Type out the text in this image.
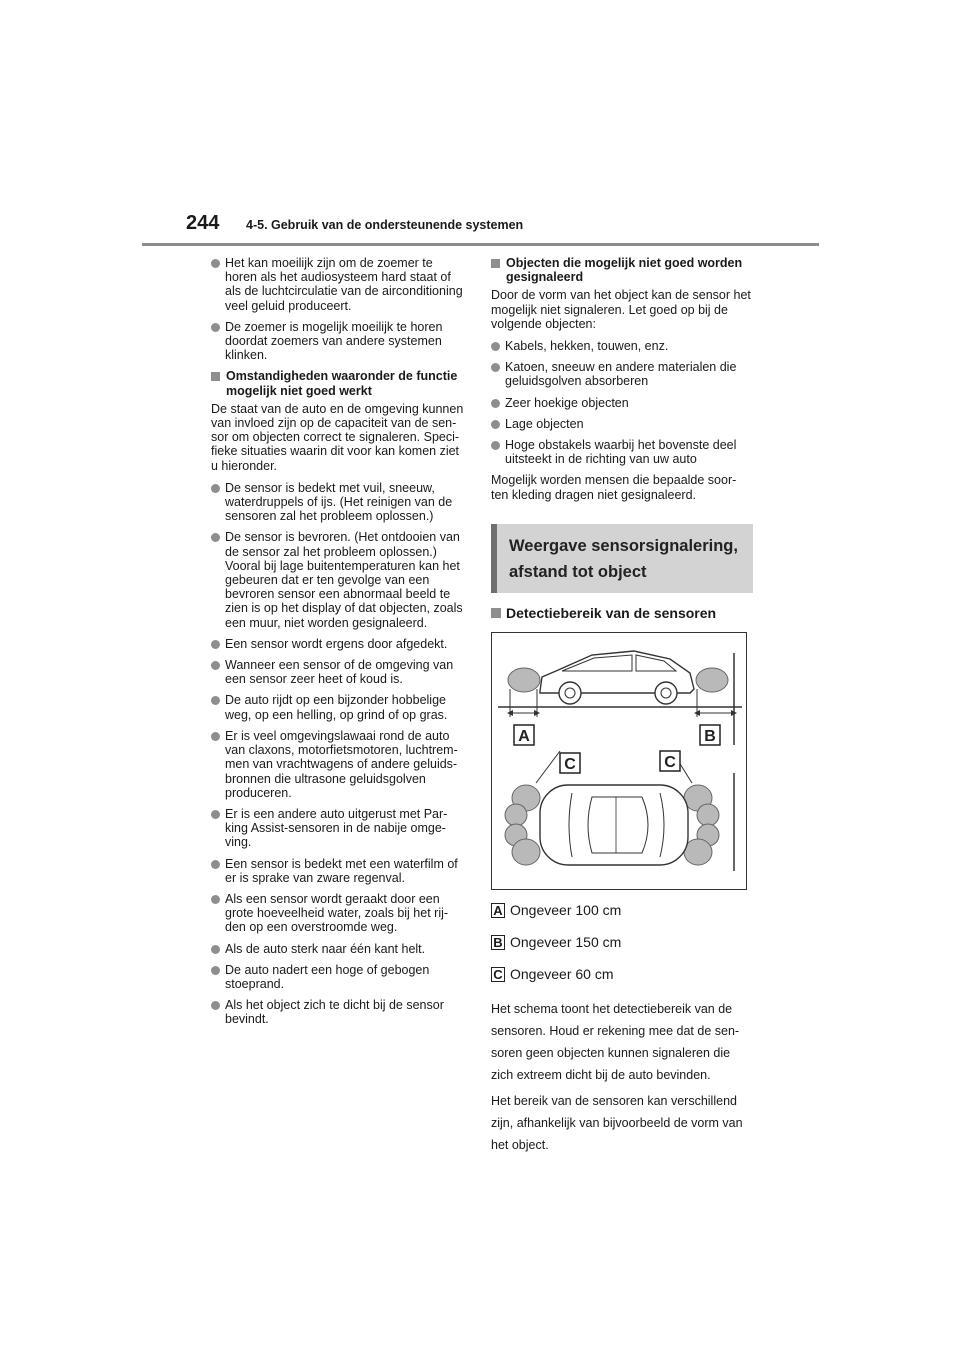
244 4-5. Gebruik van de ondersteunende systemen
Het kan moeilijk zijn om de zoemer te horen als het audiosysteem hard staat of als de luchtcirculatie van de airconditioning veel geluid produceert.
De zoemer is mogelijk moeilijk te horen doordat zoemers van andere systemen klinken.
Omstandigheden waaronder de functie mogelijk niet goed werkt
De staat van de auto en de omgeving kunnen van invloed zijn op de capaciteit van de sen-sor om objecten correct te signaleren. Speci-fieke situaties waarin dit voor kan komen ziet u hieronder.
De sensor is bedekt met vuil, sneeuw, waterdruppels of ijs. (Het reinigen van de sensoren zal het probleem oplossen.)
De sensor is bevroren. (Het ontdooien van de sensor zal het probleem oplossen.) Vooral bij lage buitentemperaturen kan het gebeuren dat er ten gevolge van een bevroren sensor een abnormaal beeld te zien is op het display of dat objecten, zoals een muur, niet worden gesignaleerd.
Een sensor wordt ergens door afgedekt.
Wanneer een sensor of de omgeving van een sensor zeer heet of koud is.
De auto rijdt op een bijzonder hobbelige weg, op een helling, op grind of op gras.
Er is veel omgevingslawaai rond de auto van claxons, motorfietsmotoren, luchtrem-men van vrachtwagens of andere geluids-bronnen die ultrasone geluidsgolven produceren.
Er is een andere auto uitgerust met Par-king Assist-sensoren in de nabije omge-ving.
Een sensor is bedekt met een waterfilm of er is sprake van zware regenval.
Als een sensor wordt geraakt door een grote hoeveelheid water, zoals bij het rij-den op een overstroomde weg.
Als de auto sterk naar één kant helt.
De auto nadert een hoge of gebogen stoeprand.
Als het object zich te dicht bij de sensor bevindt.
Objecten die mogelijk niet goed worden gesignaleerd
Door de vorm van het object kan de sensor het mogelijk niet signaleren. Let goed op bij de volgende objecten:
Kabels, hekken, touwen, enz.
Katoen, sneeuw en andere materialen die geluidsgolven absorberen
Zeer hoekige objecten
Lage objecten
Hoge obstakels waarbij het bovenste deel uitsteekt in de richting van uw auto
Mogelijk worden mensen die bepaalde soor-ten kleding dragen niet gesignaleerd.
Weergave sensorsignalering,
afstand tot object
Detectiebereik van de sensoren
A	B
C	C
A Ongeveer 100 cm
B Ongeveer 150 cm
C Ongeveer 60 cm
Het schema toont het detectiebereik van de sensoren. Houd er rekening mee dat de sen-soren geen objecten kunnen signaleren die zich extreem dicht bij de auto bevinden.
Het bereik van de sensoren kan verschillend zijn, afhankelijk van bijvoorbeeld de vorm van het object.
